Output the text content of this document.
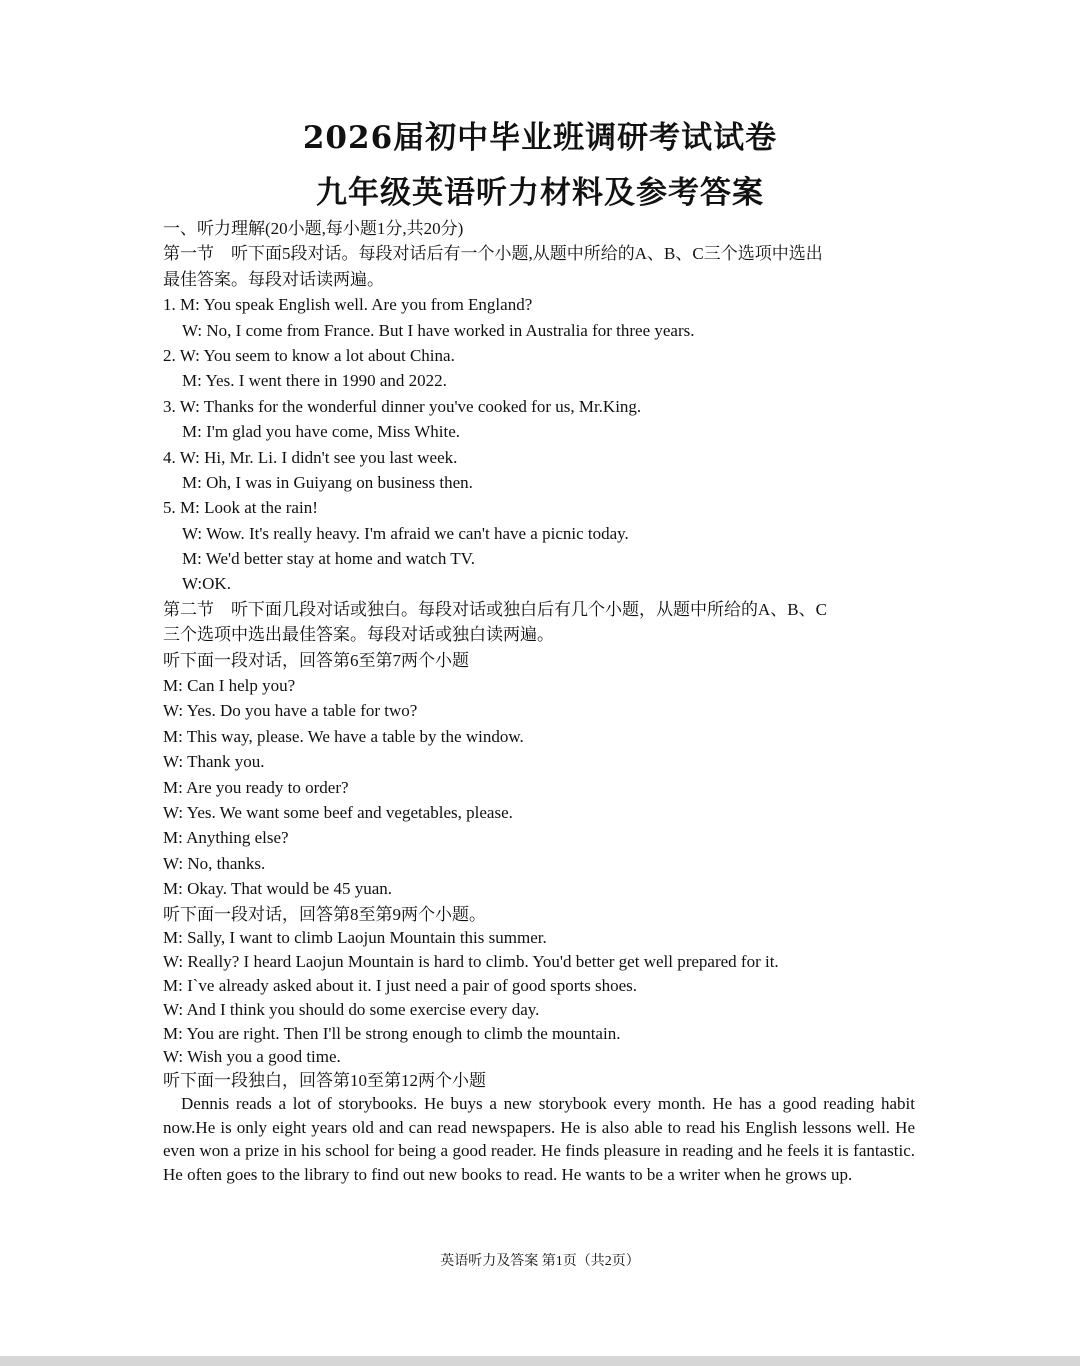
2026届初中毕业班调研考试试卷
九年级英语听力材料及参考答案
一、听力理解(20小题,每小题1分,共20分)
第一节　听下面5段对话。每段对话后有一个小题,从题中所给的A、B、C三个选项中选出
最佳答案。每段对话读两遍。
1. M: You speak English well. Are you from England?
W: No, I come from France. But I have worked in Australia for three years.
2. W: You seem to know a lot about China.
M: Yes. I went there in 1990 and 2022.
3. W: Thanks for the wonderful dinner you've cooked for us, Mr.King.
M: I'm glad you have come, Miss White.
4. W: Hi, Mr. Li. I didn't see you last week.
M: Oh, I was in Guiyang on business then.
5. M: Look at the rain!
W: Wow. It's really heavy. I'm afraid we can't have a picnic today.
M: We'd better stay at home and watch TV.
W:OK.
第二节　听下面几段对话或独白。每段对话或独白后有几个小题，从题中所给的A、B、C
三个选项中选出最佳答案。每段对话或独白读两遍。
听下面一段对话，回答第6至第7两个小题
M: Can I help you?
W: Yes. Do you have a table for two?
M: This way, please. We have a table by the window.
W: Thank you.
M: Are you ready to order?
W: Yes. We want some beef and vegetables, please.
M: Anything else?
W: No, thanks.
M: Okay. That would be 45 yuan.
听下面一段对话，回答第8至第9两个小题。
M: Sally, I want to climb Laojun Mountain this summer.
W: Really? I heard Laojun Mountain is hard to climb. You'd better get well prepared for it.
M: I`ve already asked about it. I just need a pair of good sports shoes.
W: And I think you should do some exercise every day.
M: You are right. Then I'll be strong enough to climb the mountain.
W: Wish you a good time.
听下面一段独白，回答第10至第12两个小题

Dennis reads a lot of storybooks. He buys a new storybook every month. He has a good reading habit now.He is only eight years old and can read newspapers. He is also able to read his English lessons well. He even won a prize in his school for being a good reader. He finds pleasure in reading and he feels it is fantastic. He often goes to the library to find out new books to read. He wants to be a writer when he grows up.

英语听力及答案 第1页（共2页）
